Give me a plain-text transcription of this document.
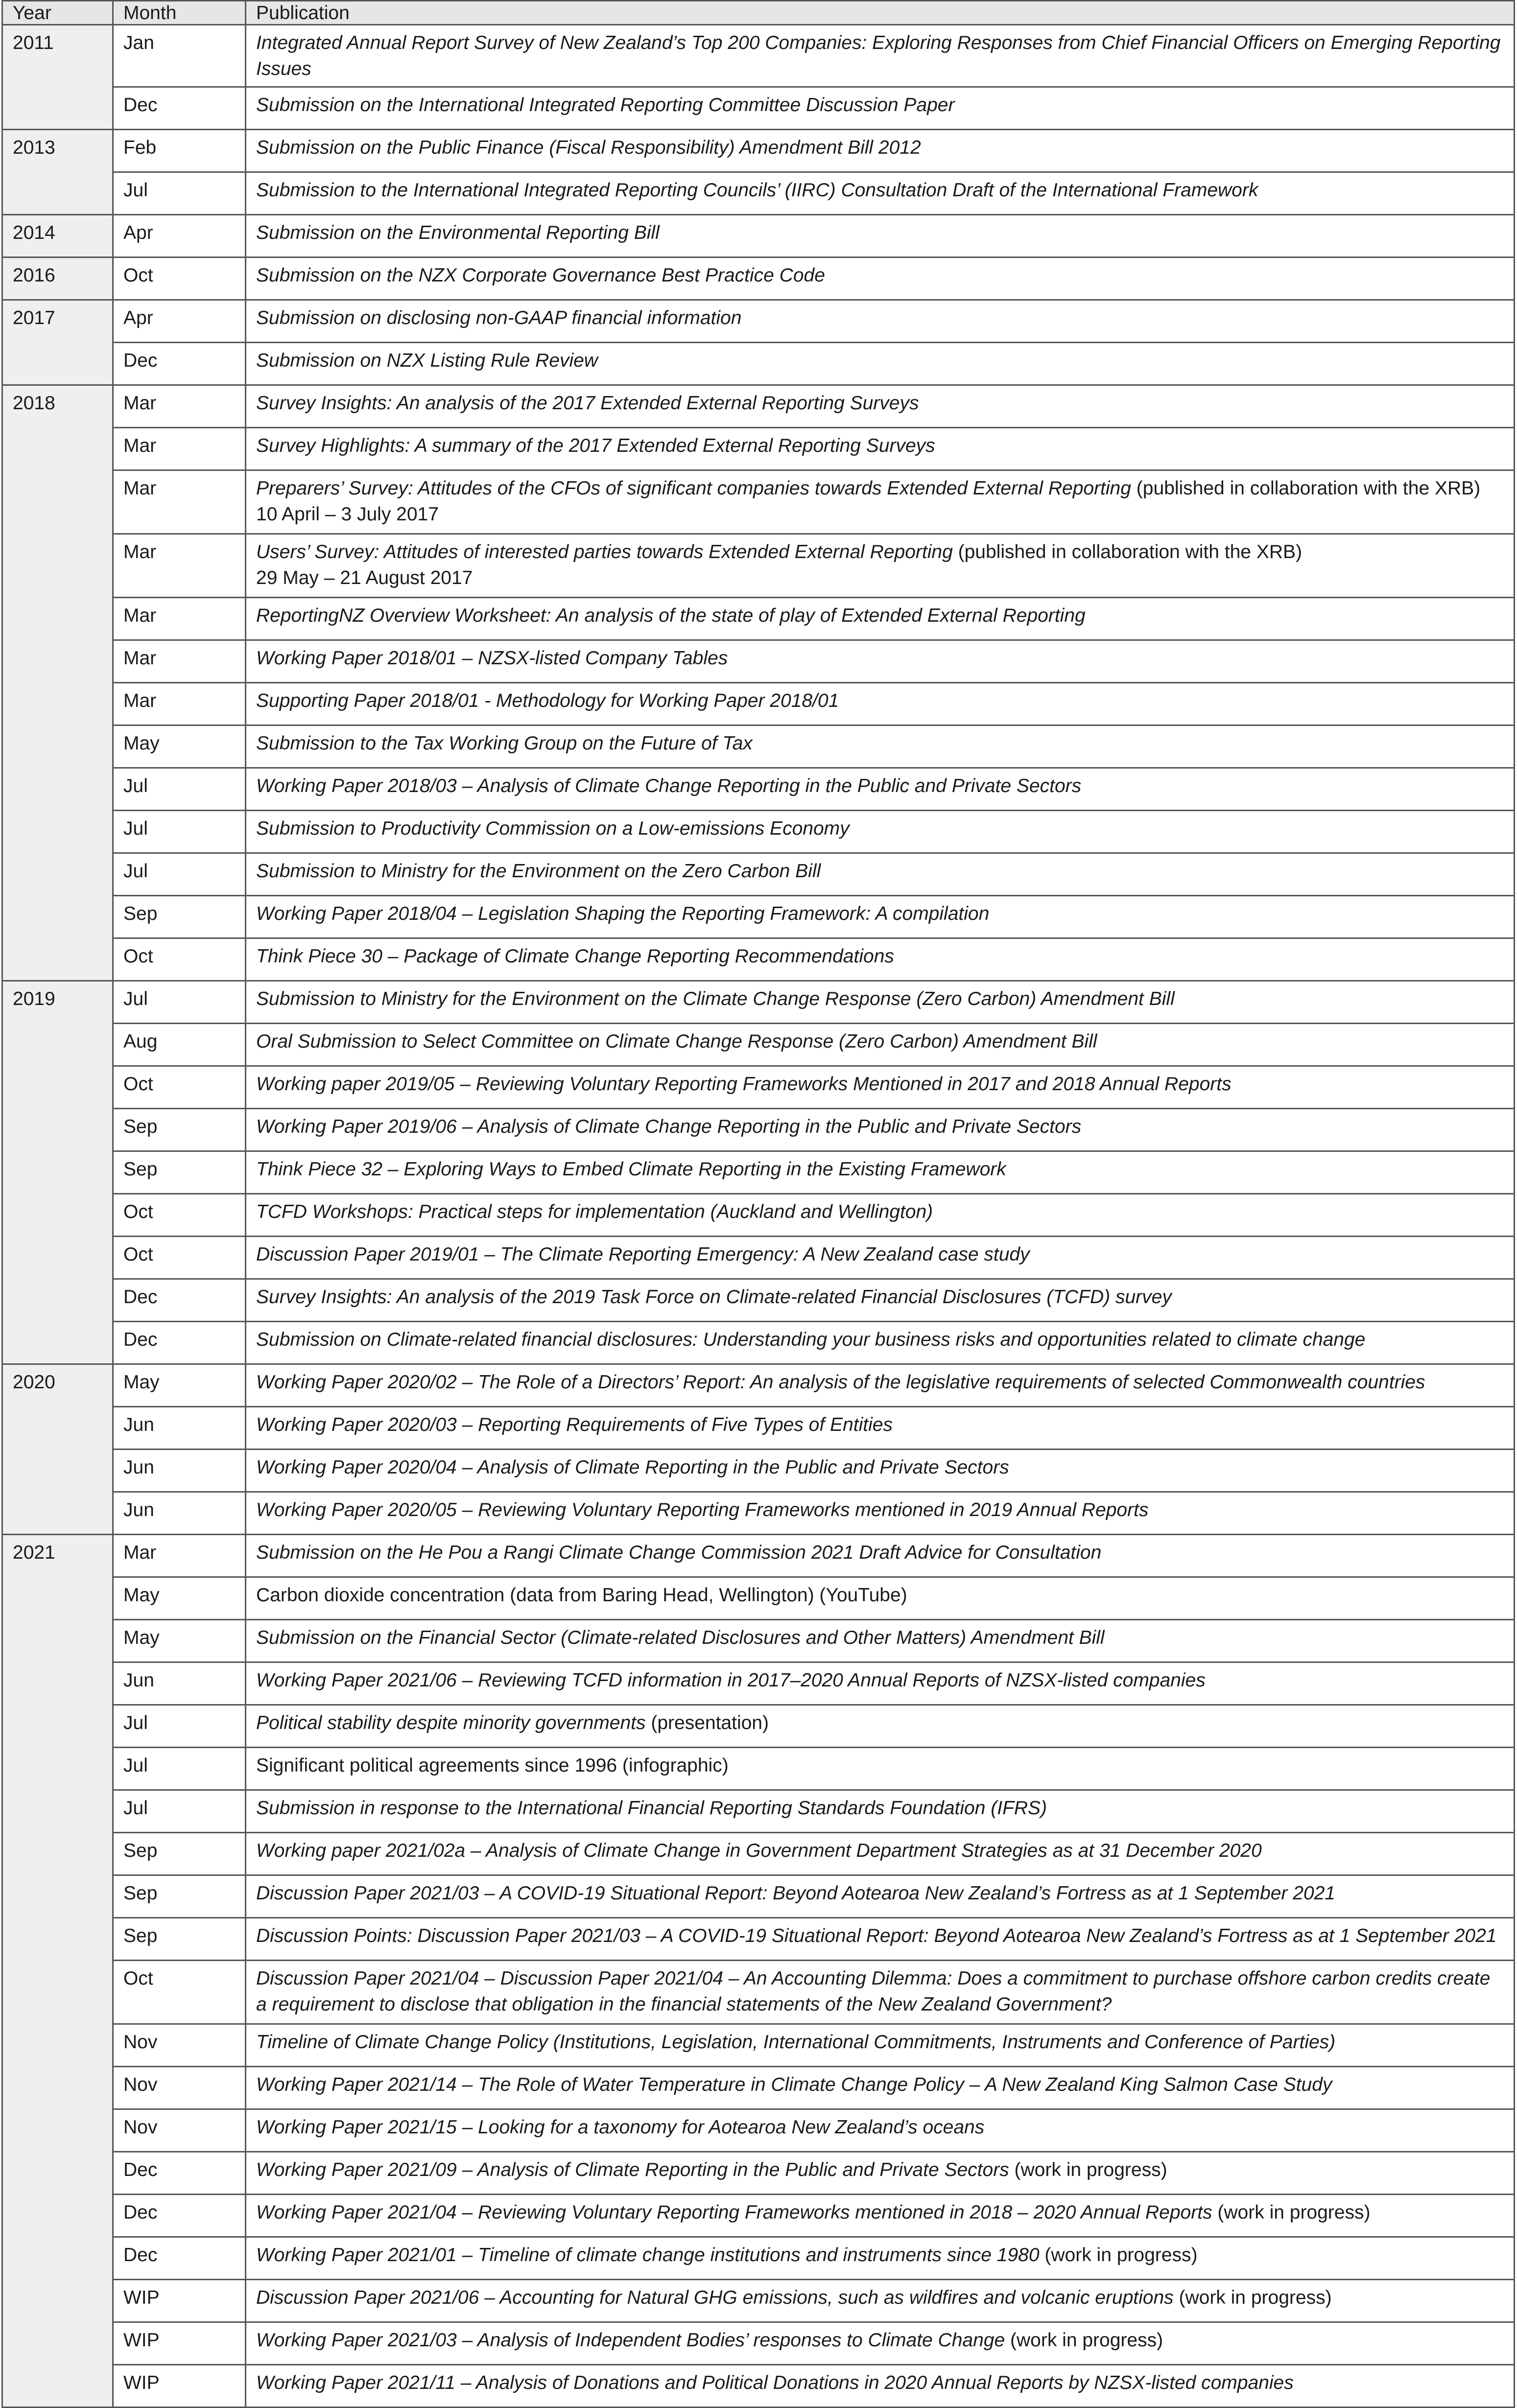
Year	Month	Publication
2011	Jan	Integrated Annual Report Survey of New Zealand’s Top 200 Companies: Exploring Responses from Chief Financial Officers on Emerging Reporting Issues
	Dec	Submission on the International Integrated Reporting Committee Discussion Paper
2013	Feb	Submission on the Public Finance (Fiscal Responsibility) Amendment Bill 2012
	Jul	Submission to the International Integrated Reporting Councils’ (IIRC) Consultation Draft of the International Framework
2014	Apr	Submission on the Environmental Reporting Bill
2016	Oct	Submission on the NZX Corporate Governance Best Practice Code
2017	Apr	Submission on disclosing non-GAAP financial information
	Dec	Submission on NZX Listing Rule Review
2018	Mar	Survey Insights: An analysis of the 2017 Extended External Reporting Surveys
	Mar	Survey Highlights: A summary of the 2017 Extended External Reporting Surveys
	Mar	Preparers’ Survey: Attitudes of the CFOs of significant companies towards Extended External Reporting (published in collaboration with the XRB)
10 April – 3 July 2017
	Mar	Users’ Survey: Attitudes of interested parties towards Extended External Reporting (published in collaboration with the XRB)
29 May – 21 August 2017
	Mar	ReportingNZ Overview Worksheet: An analysis of the state of play of Extended External Reporting
	Mar	Working Paper 2018/01 – NZSX-listed Company Tables
	Mar	Supporting Paper 2018/01 - Methodology for Working Paper 2018/01
	May	Submission to the Tax Working Group on the Future of Tax
	Jul	Working Paper 2018/03 – Analysis of Climate Change Reporting in the Public and Private Sectors
	Jul	Submission to Productivity Commission on a Low-emissions Economy
	Jul	Submission to Ministry for the Environment on the Zero Carbon Bill
	Sep	Working Paper 2018/04 – Legislation Shaping the Reporting Framework: A compilation
	Oct	Think Piece 30 – Package of Climate Change Reporting Recommendations
2019	Jul	Submission to Ministry for the Environment on the Climate Change Response (Zero Carbon) Amendment Bill
	Aug	Oral Submission to Select Committee on Climate Change Response (Zero Carbon) Amendment Bill
	Oct	Working paper 2019/05 – Reviewing Voluntary Reporting Frameworks Mentioned in 2017 and 2018 Annual Reports
	Sep	Working Paper 2019/06 – Analysis of Climate Change Reporting in the Public and Private Sectors
	Sep	Think Piece 32 – Exploring Ways to Embed Climate Reporting in the Existing Framework
	Oct	TCFD Workshops: Practical steps for implementation (Auckland and Wellington)
	Oct	Discussion Paper 2019/01 – The Climate Reporting Emergency: A New Zealand case study
	Dec	Survey Insights: An analysis of the 2019 Task Force on Climate-related Financial Disclosures (TCFD) survey
	Dec	Submission on Climate-related financial disclosures: Understanding your business risks and opportunities related to climate change
2020	May	Working Paper 2020/02 – The Role of a Directors’ Report: An analysis of the legislative requirements of selected Commonwealth countries
	Jun	Working Paper 2020/03 – Reporting Requirements of Five Types of Entities
	Jun	Working Paper 2020/04 – Analysis of Climate Reporting in the Public and Private Sectors
	Jun	Working Paper 2020/05 – Reviewing Voluntary Reporting Frameworks mentioned in 2019 Annual Reports
2021	Mar	Submission on the He Pou a Rangi Climate Change Commission 2021 Draft Advice for Consultation
	May	Carbon dioxide concentration (data from Baring Head, Wellington) (YouTube)
	May	Submission on the Financial Sector (Climate-related Disclosures and Other Matters) Amendment Bill
	Jun	Working Paper 2021/06 – Reviewing TCFD information in 2017–2020 Annual Reports of NZSX-listed companies
	Jul	Political stability despite minority governments (presentation)
	Jul	Significant political agreements since 1996 (infographic)
	Jul	Submission in response to the International Financial Reporting Standards Foundation (IFRS)
	Sep	Working paper 2021/02a – Analysis of Climate Change in Government Department Strategies as at 31 December 2020
	Sep	Discussion Paper 2021/03 – A COVID-19 Situational Report: Beyond Aotearoa New Zealand’s Fortress as at 1 September 2021
	Sep	Discussion Points: Discussion Paper 2021/03 – A COVID-19 Situational Report: Beyond Aotearoa New Zealand’s Fortress as at 1 September 2021
	Oct	Discussion Paper 2021/04 – Discussion Paper 2021/04 – An Accounting Dilemma: Does a commitment to purchase offshore carbon credits create a requirement to disclose that obligation in the financial statements of the New Zealand Government?
	Nov	Timeline of Climate Change Policy (Institutions, Legislation, International Commitments, Instruments and Conference of Parties)
	Nov	Working Paper 2021/14 – The Role of Water Temperature in Climate Change Policy – A New Zealand King Salmon Case Study
	Nov	Working Paper 2021/15 – Looking for a taxonomy for Aotearoa New Zealand’s oceans
	Dec	Working Paper 2021/09 – Analysis of Climate Reporting in the Public and Private Sectors (work in progress)
	Dec	Working Paper 2021/04 – Reviewing Voluntary Reporting Frameworks mentioned in 2018 – 2020 Annual Reports (work in progress)
	Dec	Working Paper 2021/01 – Timeline of climate change institutions and instruments since 1980 (work in progress)
	WIP	Discussion Paper 2021/06 – Accounting for Natural GHG emissions, such as wildfires and volcanic eruptions (work in progress)
	WIP	Working Paper 2021/03 – Analysis of Independent Bodies’ responses to Climate Change (work in progress)
	WIP	Working Paper 2021/11 – Analysis of Donations and Political Donations in 2020 Annual Reports by NZSX-listed companies
